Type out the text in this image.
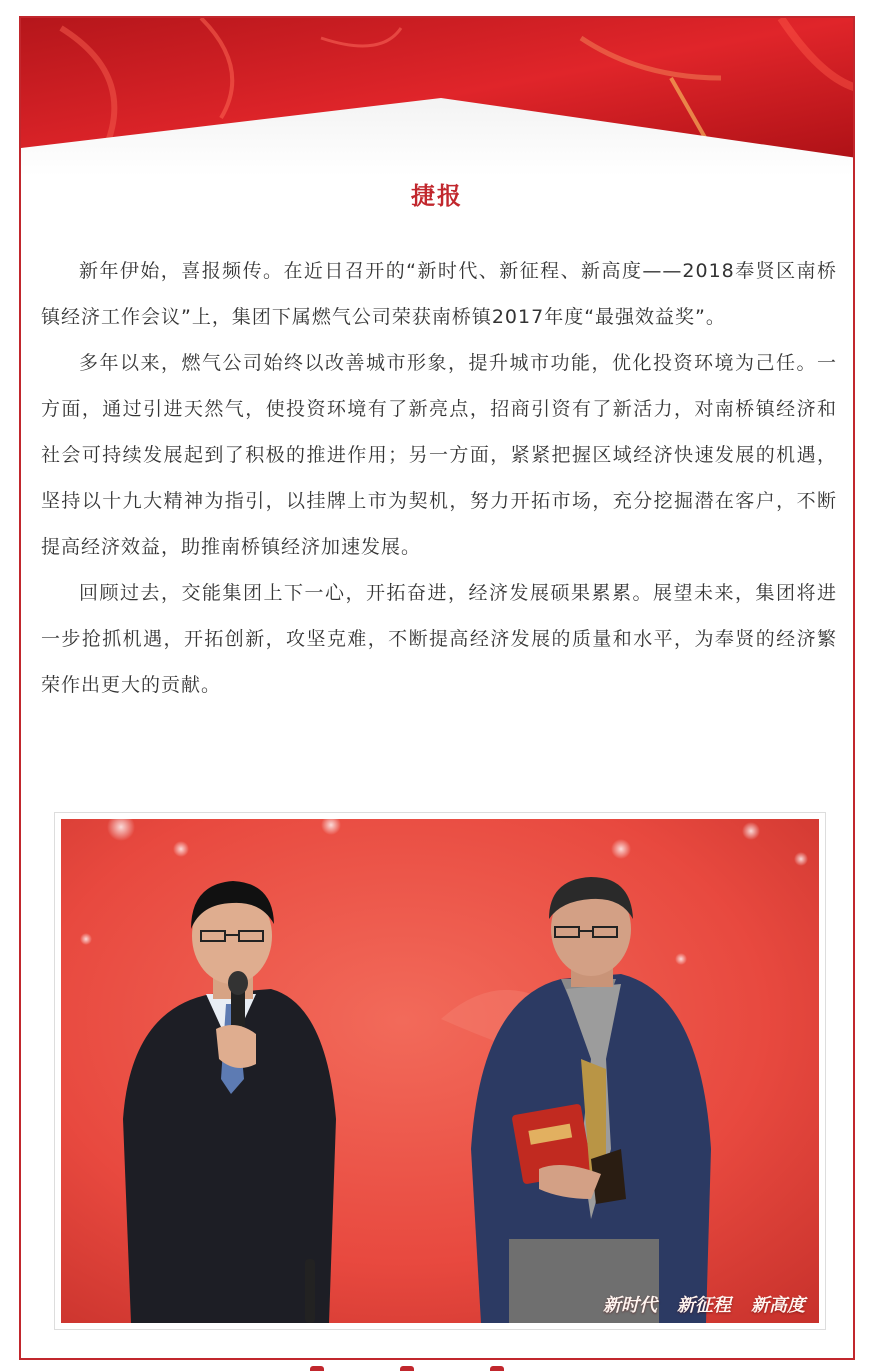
捷报

新年伊始，喜报频传。在近日召开的“新时代、新征程、新高度——2018奉贤区南桥镇经济工作会议”上，集团下属燃气公司荣获南桥镇2017年度“最强效益奖”。

多年以来，燃气公司始终以改善城市形象，提升城市功能，优化投资环境为己任。一方面，通过引进天然气，使投资环境有了新亮点，招商引资有了新活力，对南桥镇经济和社会可持续发展起到了积极的推进作用；另一方面，紧紧把握区域经济快速发展的机遇，坚持以十九大精神为指引，以挂牌上市为契机，努力开拓市场，充分挖掘潜在客户，不断提高经济效益，助推南桥镇经济加速发展。

回顾过去，交能集团上下一心，开拓奋进，经济发展硕果累累。展望未来，集团将进一步抢抓机遇，开拓创新，攻坚克难，不断提高经济发展的质量和水平，为奉贤的经济繁荣作出更大的贡献。

新时代 新征程 新高度
